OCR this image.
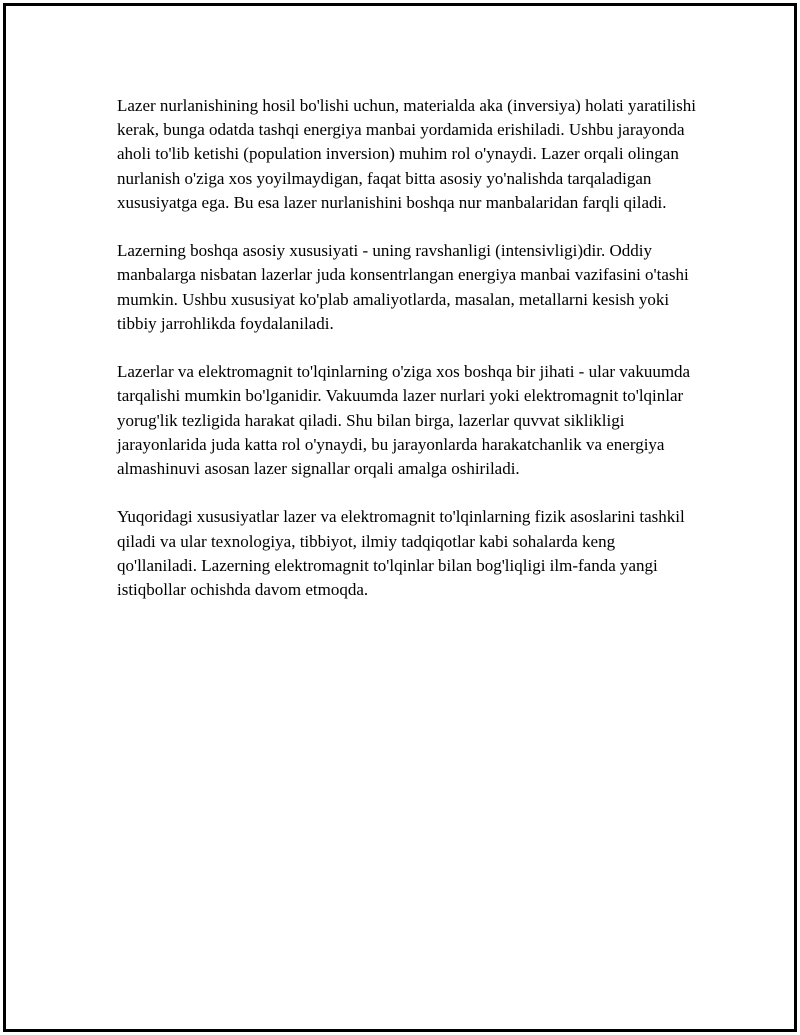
Lazer nurlanishining hosil bo'lishi uchun, materialda aka (inversiya) holati yaratilishi kerak, bunga odatda tashqi energiya manbai yordamida erishiladi. Ushbu jarayonda aholi to'lib ketishi (population inversion) muhim rol o'ynaydi. Lazer orqali olingan nurlanish o'ziga xos yoyilmaydigan, faqat bitta asosiy yo'nalishda tarqaladigan xususiyatga ega. Bu esa lazer nurlanishini boshqa nur manbalaridan farqli qiladi.

Lazerning boshqa asosiy xususiyati - uning ravshanligi (intensivligi)dir. Oddiy manbalarga nisbatan lazerlar juda konsentrlangan energiya manbai vazifasini o'tashi mumkin. Ushbu xususiyat ko'plab amaliyotlarda, masalan, metallarni kesish yoki tibbiy jarrohlikda foydalaniladi.

Lazerlar va elektromagnit to'lqinlarning o'ziga xos boshqa bir jihati - ular vakuumda tarqalishi mumkin bo'lganidir. Vakuumda lazer nurlari yoki elektromagnit to'lqinlar yorug'lik tezligida harakat qiladi. Shu bilan birga, lazerlar quvvat siklikligi jarayonlarida juda katta rol o'ynaydi, bu jarayonlarda harakatchanlik va energiya almashinuvi asosan lazer signallar orqali amalga oshiriladi.

Yuqoridagi xususiyatlar lazer va elektromagnit to'lqinlarning fizik asoslarini tashkil qiladi va ular texnologiya, tibbiyot, ilmiy tadqiqotlar kabi sohalarda keng qo'llaniladi. Lazerning elektromagnit to'lqinlar bilan bog'liqligi ilm-fanda yangi istiqbollar ochishda davom etmoqda.
